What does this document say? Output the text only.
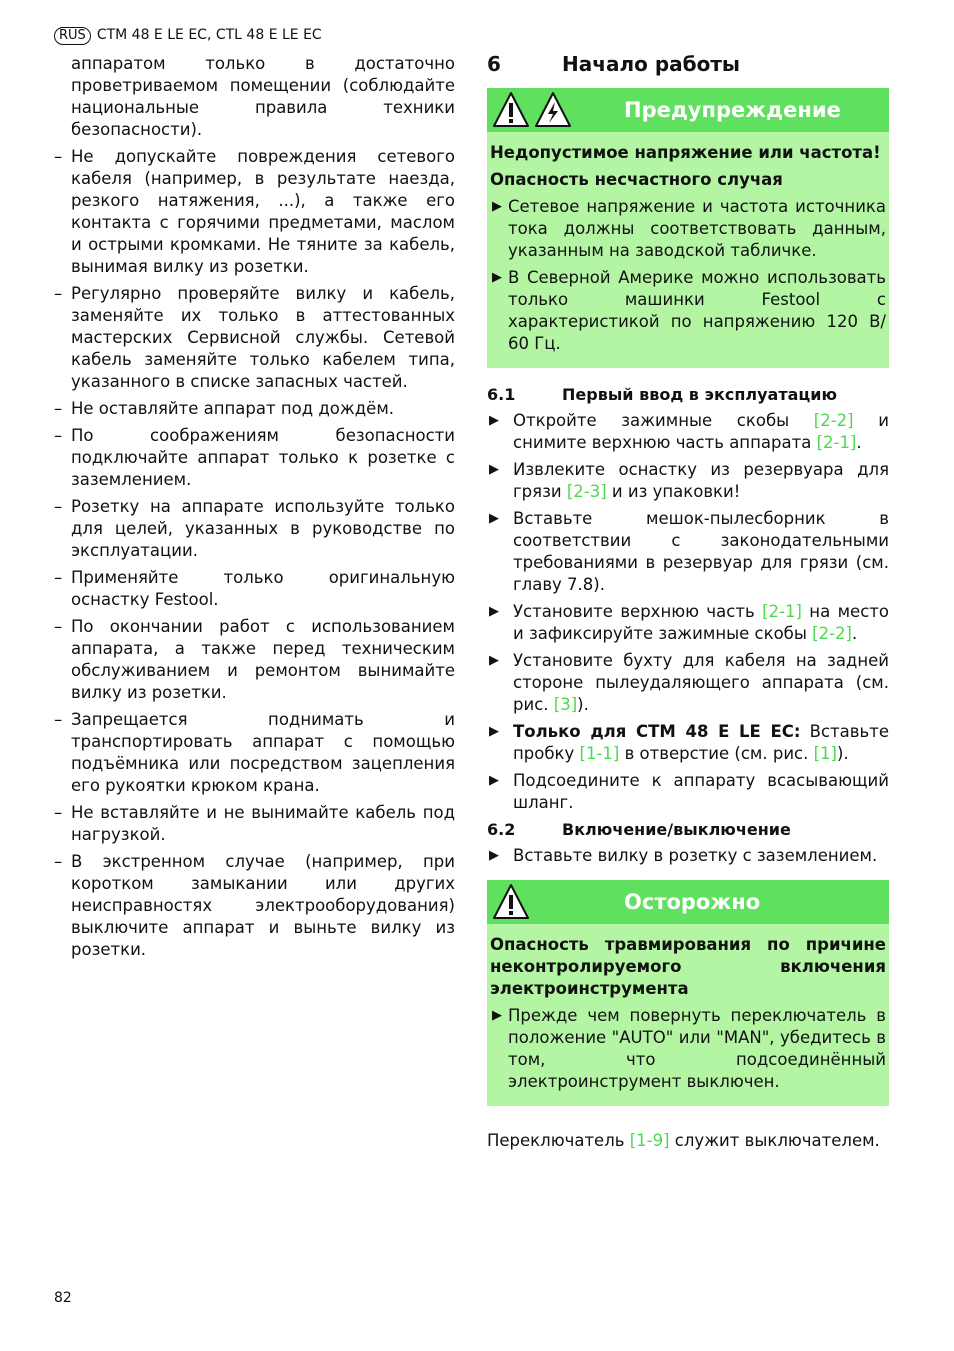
RUS CTM 48 E LE EC, CTL 48 E LE EC
аппаратом только в достаточно проветриваемом помещении (соблюдайте национальные правила техники безопасности).
– Не допускайте повреждения сетевого кабеля (например, в результате наезда, резкого натяжения, ...), а также его контакта с горячими предметами, маслом и острыми кромками. Не тяните за кабель, вынимая вилку из розетки.
– Регулярно проверяйте вилку и кабель, заменяйте их только в аттестованных мастерских Сервисной службы. Сетевой кабель заменяйте только кабелем типа, указанного в списке запасных частей.
– Не оставляйте аппарат под дождём.
– По соображениям безопасности подключайте аппарат только к розетке с заземлением.
– Розетку на аппарате используйте только для целей, указанных в руководстве по эксплуатации.
– Применяйте только оригинальную оснастку Festool.
– По окончании работ с использованием аппарата, а также перед техническим обслуживанием и ремонтом вынимайте вилку из розетки.
– Запрещается поднимать и транспортировать аппарат с помощью подъёмника или посредством зацепления его рукоятки крюком крана.
– Не вставляйте и не вынимайте кабель под нагрузкой.
– В экстренном случае (например, при коротком замыкании или других неисправностях электрооборудования) выключите аппарат и выньте вилку из розетки.
6	Начало работы
Предупреждение
Недопустимое напряжение или частота!
Опасность несчастного случая
▶ Сетевое напряжение и частота источника тока должны соответствовать данным, указанным на заводской табличке.
▶ В Северной Америке можно использовать только машинки Festool с характеристикой по напряжению 120 В/ 60 Гц.
6.1	Первый ввод в эксплуатацию
▶ Откройте зажимные скобы [2-2] и снимите верхнюю часть аппарата [2-1].
▶ Извлеките оснастку из резервуара для грязи [2-3] и из упаковки!
▶ Вставьте мешок-пылесборник в соответствии с законодательными требованиями в резервуар для грязи (см. главу 7.8).
▶ Установите верхнюю часть [2-1] на место и зафиксируйте зажимные скобы [2-2].
▶ Установите бухту для кабеля на задней стороне пылеудаляющего аппарата (см. рис. [3]).
▶ Только для CTM 48 E LE EC: Вставьте пробку [1-1] в отверстие (см. рис. [1]).
▶ Подсоедините к аппарату всасывающий шланг.
6.2	Включение/выключение
▶ Вставьте вилку в розетку с заземлением.
Осторожно
Опасность травмирования по причине неконтролируемого включения электроинструмента
▶ Прежде чем повернуть переключатель в положение "AUTO" или "MAN", убедитесь в том, что подсоединённый электроинструмент выключен.
Переключатель [1-9] служит выключателем.
82
